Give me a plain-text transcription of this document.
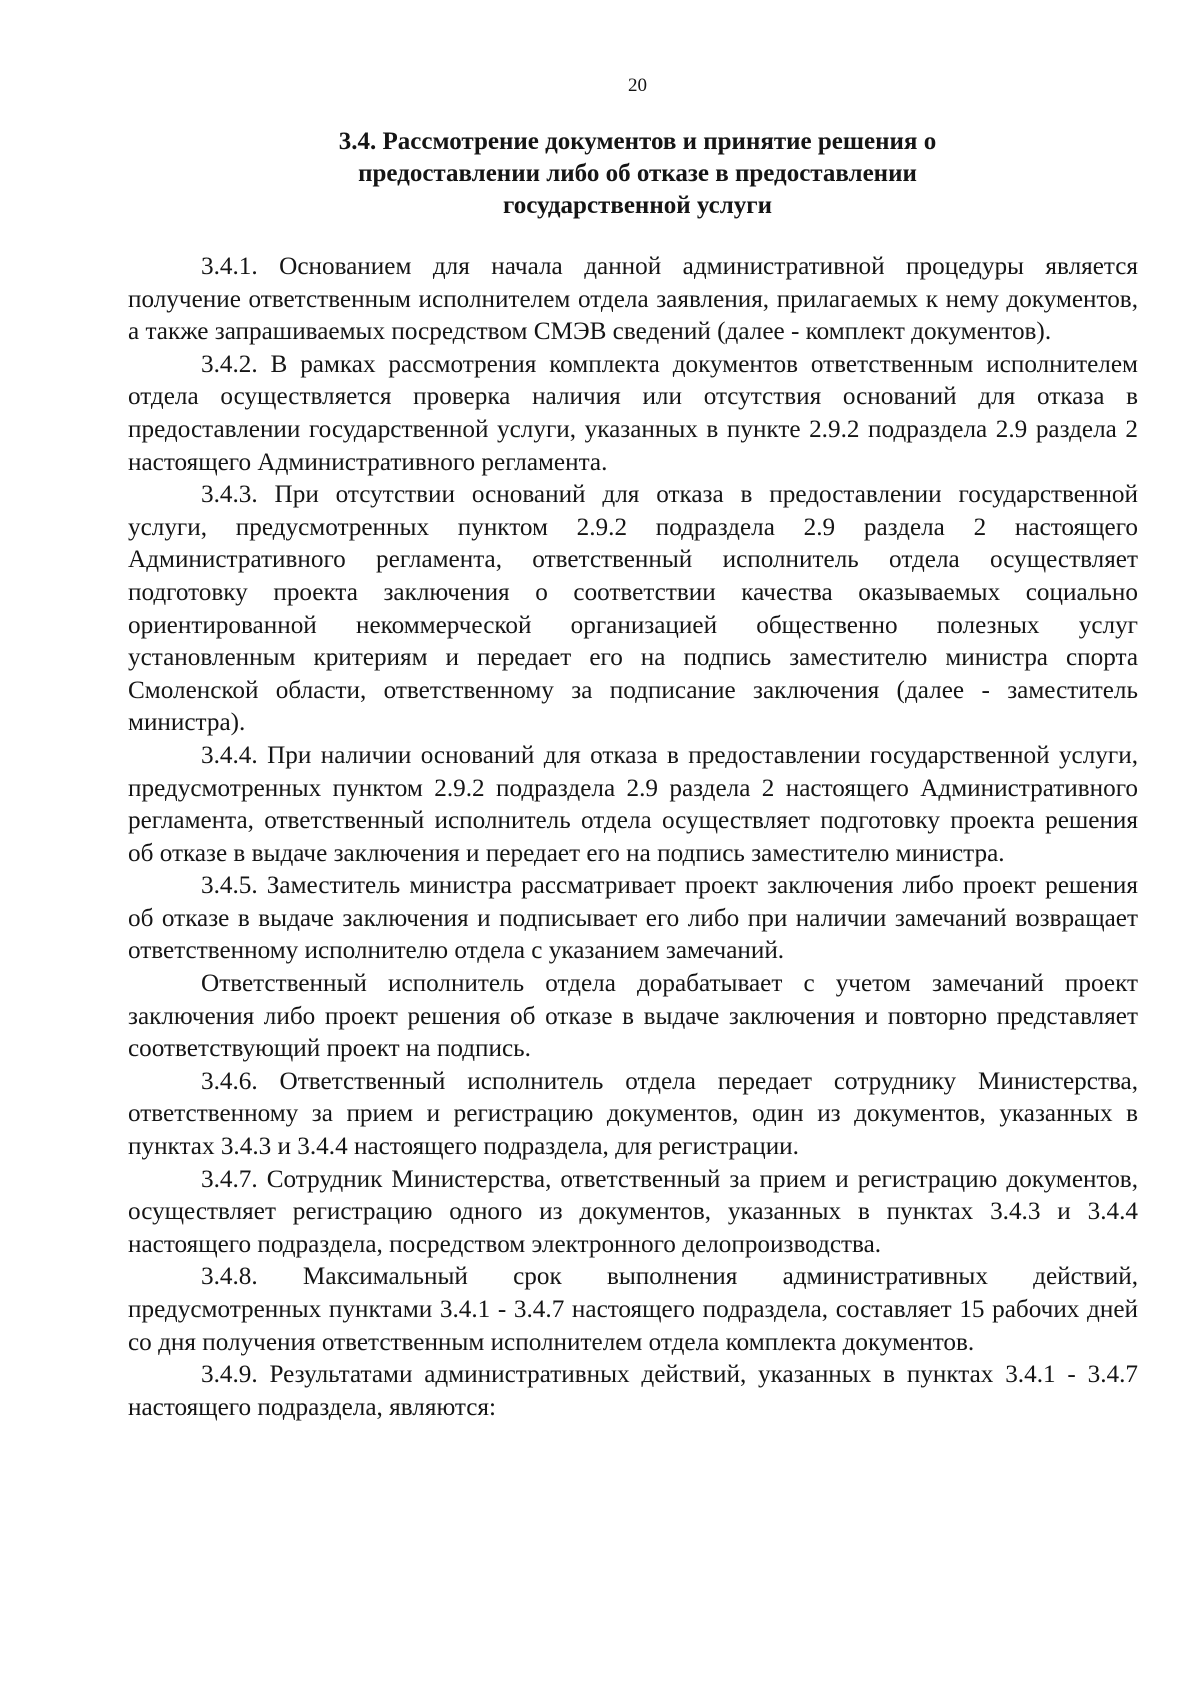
20
3.4. Рассмотрение документов и принятие решения о
предоставлении либо об отказе в предоставлении
государственной услуги

3.4.1. Основанием для начала данной административной процедуры является получение ответственным исполнителем отдела заявления, прилагаемых к нему документов, а также запрашиваемых посредством СМЭВ сведений (далее - комплект документов).

3.4.2. В рамках рассмотрения комплекта документов ответственным исполнителем отдела осуществляется проверка наличия или отсутствия оснований для отказа в предоставлении государственной услуги, указанных в пункте 2.9.2 подраздела 2.9 раздела 2 настоящего Административного регламента.

3.4.3. При отсутствии оснований для отказа в предоставлении государственной услуги, предусмотренных пунктом 2.9.2 подраздела 2.9 раздела 2 настоящего Административного регламента, ответственный исполнитель отдела осуществляет подготовку проекта заключения о соответствии качества оказываемых социально ориентированной некоммерческой организацией общественно полезных услуг установленным критериям и передает его на подпись заместителю министра спорта Смоленской области, ответственному за подписание заключения (далее - заместитель министра).

3.4.4. При наличии оснований для отказа в предоставлении государственной услуги, предусмотренных пунктом 2.9.2 подраздела 2.9 раздела 2 настоящего Административного регламента, ответственный исполнитель отдела осуществляет подготовку проекта решения об отказе в выдаче заключения и передает его на подпись заместителю министра.

3.4.5. Заместитель министра рассматривает проект заключения либо проект решения об отказе в выдаче заключения и подписывает его либо при наличии замечаний возвращает ответственному исполнителю отдела с указанием замечаний.

Ответственный исполнитель отдела дорабатывает с учетом замечаний проект заключения либо проект решения об отказе в выдаче заключения и повторно представляет соответствующий проект на подпись.

3.4.6. Ответственный исполнитель отдела передает сотруднику Министерства, ответственному за прием и регистрацию документов, один из документов, указанных в пунктах 3.4.3 и 3.4.4 настоящего подраздела, для регистрации.

3.4.7. Сотрудник Министерства, ответственный за прием и регистрацию документов, осуществляет регистрацию одного из документов, указанных в пунктах 3.4.3 и 3.4.4 настоящего подраздела, посредством электронного делопроизводства.

3.4.8. Максимальный срок выполнения административных действий, предусмотренных пунктами 3.4.1 - 3.4.7 настоящего подраздела, составляет 15 рабочих дней со дня получения ответственным исполнителем отдела комплекта документов.

3.4.9. Результатами административных действий, указанных в пунктах 3.4.1 - 3.4.7 настоящего подраздела, являются:
